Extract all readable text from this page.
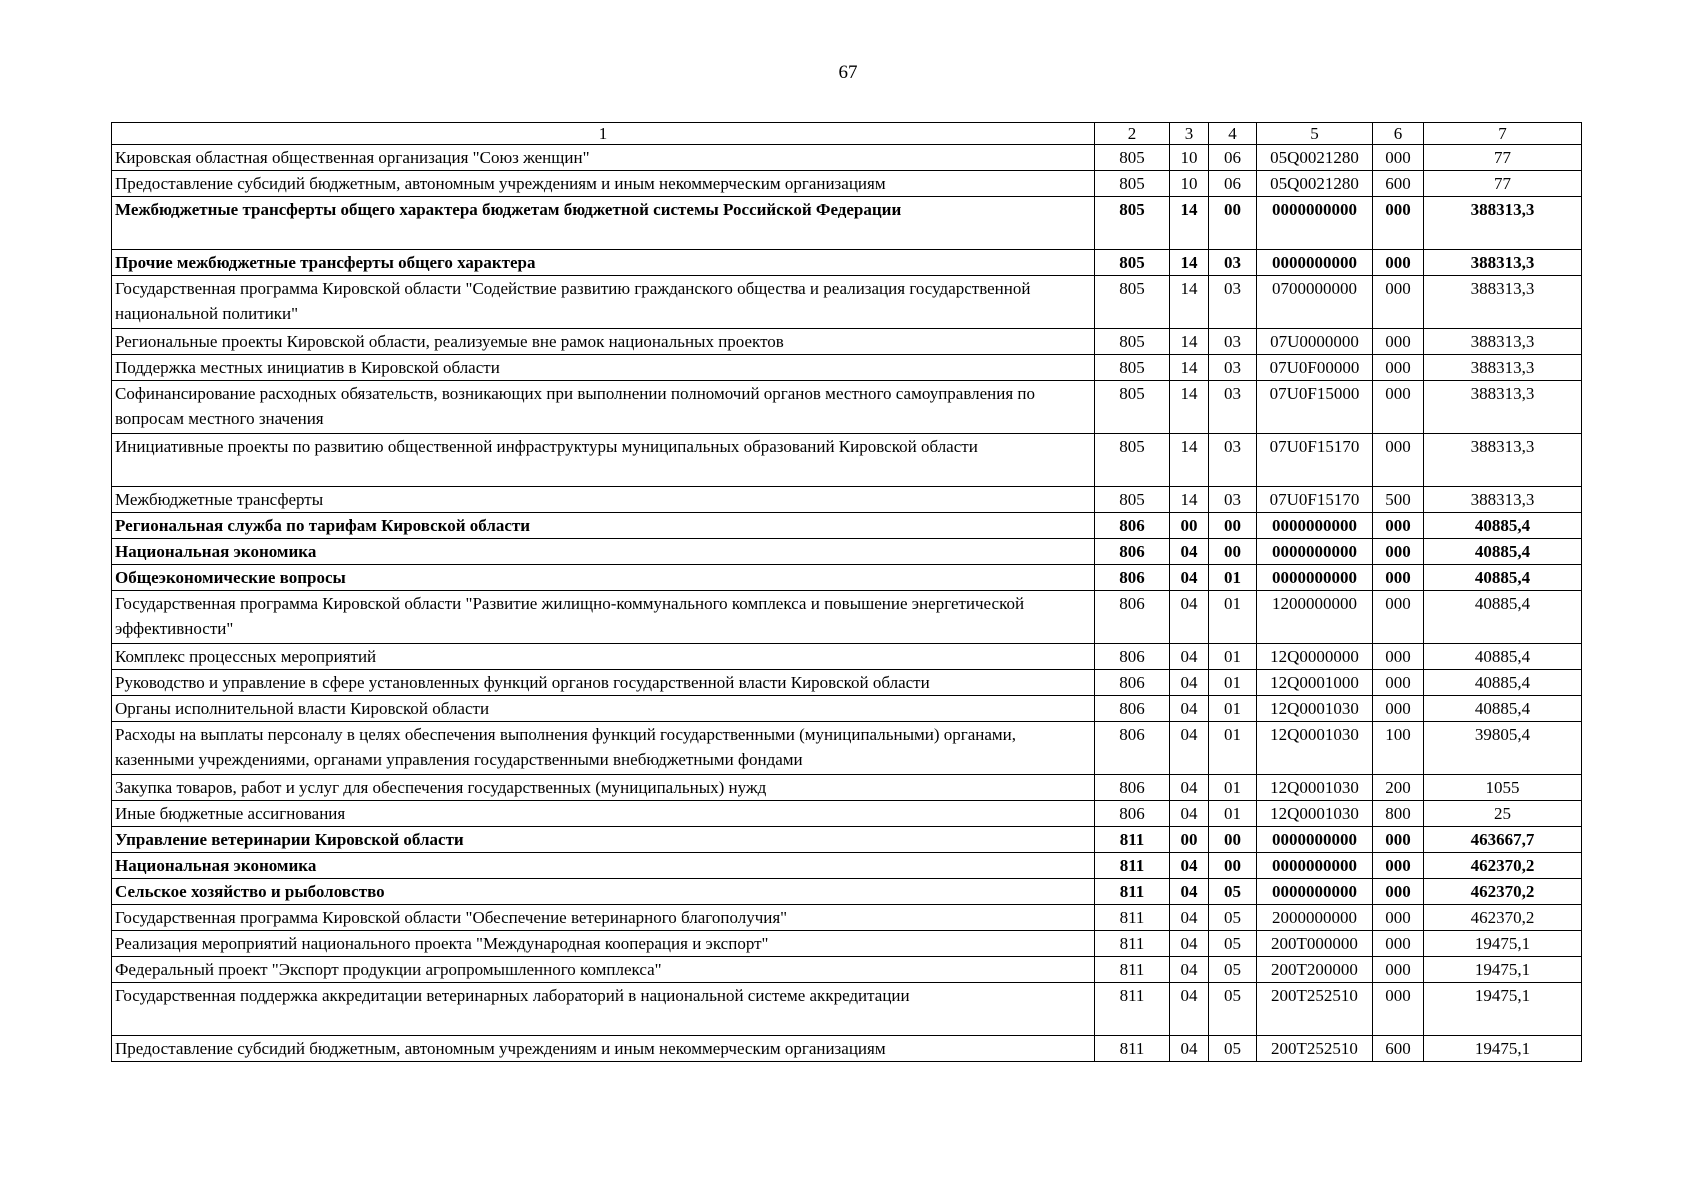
67
1	2	3	4	5	6	7
Кировская областная общественная организация "Союз женщин"	805	10	06	05Q0021280	000	77
Предоставление субсидий бюджетным, автономным учреждениям и иным некоммерческим организациям	805	10	06	05Q0021280	600	77
Межбюджетные трансферты общего характера бюджетам бюджетной системы Российской Федерации	805	14	00	0000000000	000	388313,3
Прочие межбюджетные трансферты общего характера	805	14	03	0000000000	000	388313,3
Государственная программа Кировской области "Содействие развитию гражданского общества и реализация государственной национальной политики"	805	14	03	0700000000	000	388313,3
Региональные проекты Кировской области, реализуемые вне рамок национальных проектов	805	14	03	07U0000000	000	388313,3
Поддержка местных инициатив в Кировской области	805	14	03	07U0F00000	000	388313,3
Софинансирование расходных обязательств, возникающих при выполнении полномочий органов местного самоуправления по вопросам местного значения	805	14	03	07U0F15000	000	388313,3
Инициативные проекты по развитию общественной инфраструктуры муниципальных образований Кировской области	805	14	03	07U0F15170	000	388313,3
Межбюджетные трансферты	805	14	03	07U0F15170	500	388313,3
Региональная служба по тарифам Кировской области	806	00	00	0000000000	000	40885,4
Национальная экономика	806	04	00	0000000000	000	40885,4
Общеэкономические вопросы	806	04	01	0000000000	000	40885,4
Государственная программа Кировской области "Развитие жилищно-коммунального комплекса и повышение энергетической эффективности"	806	04	01	1200000000	000	40885,4
Комплекс процессных мероприятий	806	04	01	12Q0000000	000	40885,4
Руководство и управление в сфере установленных функций органов государственной власти Кировской области	806	04	01	12Q0001000	000	40885,4
Органы исполнительной власти Кировской области	806	04	01	12Q0001030	000	40885,4
Расходы на выплаты персоналу в целях обеспечения выполнения функций государственными (муниципальными) органами, казенными учреждениями, органами управления государственными внебюджетными фондами	806	04	01	12Q0001030	100	39805,4
Закупка товаров, работ и услуг для обеспечения государственных (муниципальных) нужд	806	04	01	12Q0001030	200	1055
Иные бюджетные ассигнования	806	04	01	12Q0001030	800	25
Управление ветеринарии Кировской области	811	00	00	0000000000	000	463667,7
Национальная экономика	811	04	00	0000000000	000	462370,2
Сельское хозяйство и рыболовство	811	04	05	0000000000	000	462370,2
Государственная программа Кировской области "Обеспечение ветеринарного благополучия"	811	04	05	2000000000	000	462370,2
Реализация мероприятий национального проекта "Международная кооперация и экспорт"	811	04	05	200T000000	000	19475,1
Федеральный проект "Экспорт продукции агропромышленного комплекса"	811	04	05	200T200000	000	19475,1
Государственная поддержка аккредитации ветеринарных лабораторий в национальной системе аккредитации	811	04	05	200T252510	000	19475,1
Предоставление субсидий бюджетным, автономным учреждениям и иным некоммерческим организациям	811	04	05	200T252510	600	19475,1
